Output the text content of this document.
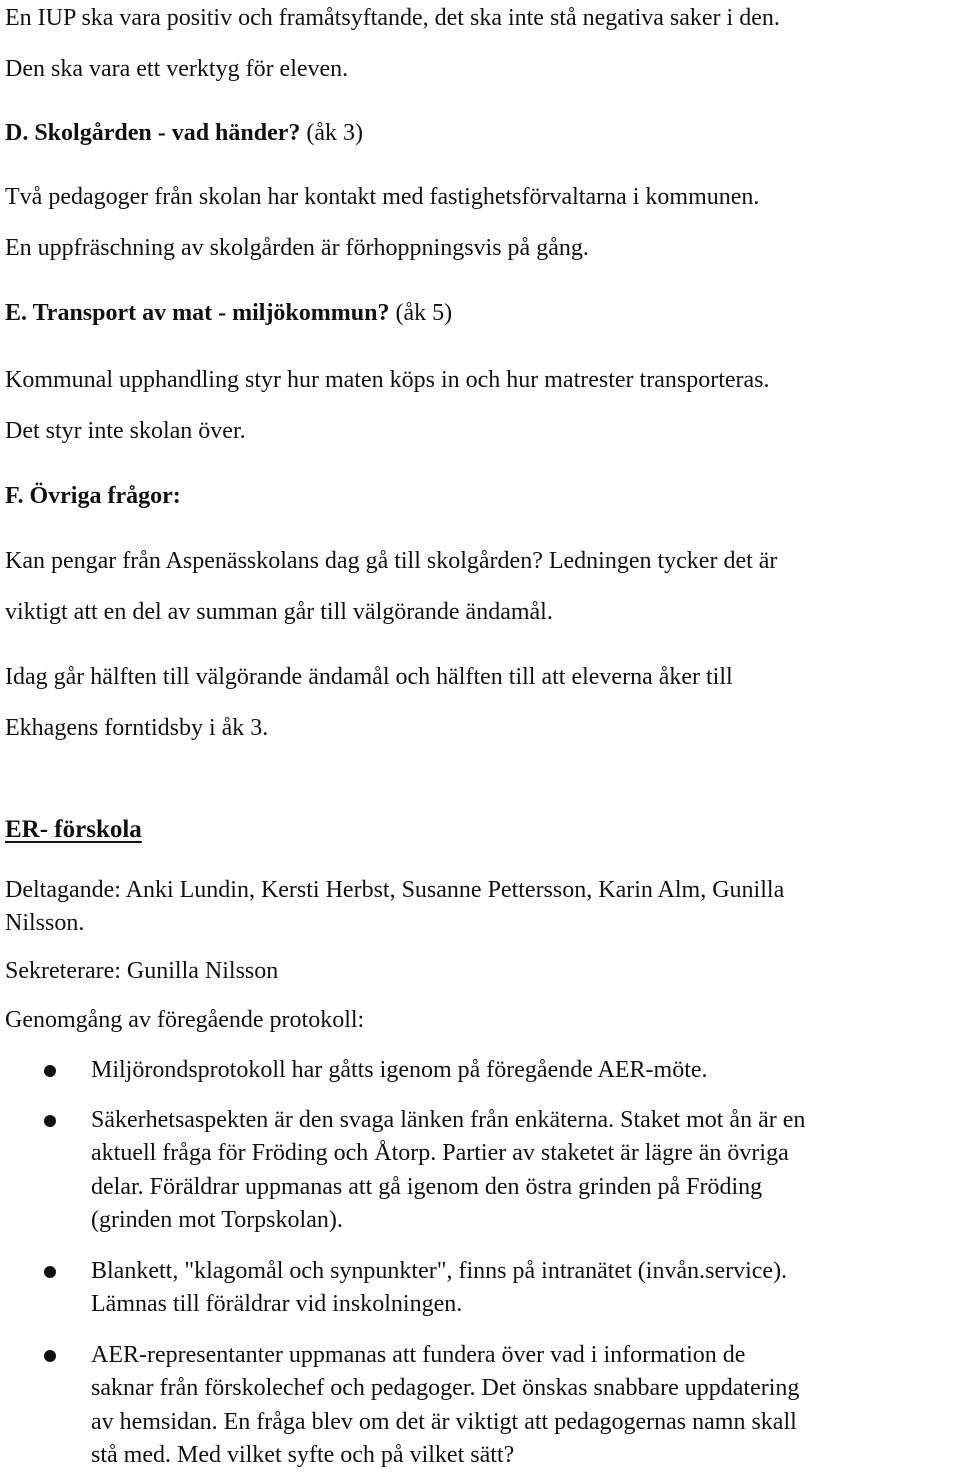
En IUP ska vara positiv och framåtsyftande, det ska inte stå negativa saker i den.

Den ska vara ett verktyg för eleven.

D. Skolgården - vad händer? (åk 3)

Två pedagoger från skolan har kontakt med fastighetsförvaltarna i kommunen.

En uppfräschning av skolgården är förhoppningsvis på gång.

E. Transport av mat - miljökommun? (åk 5)

Kommunal upphandling styr hur maten köps in och hur matrester transporteras.

Det styr inte skolan över.

F. Övriga frågor:

Kan pengar från Aspenässkolans dag gå till skolgården? Ledningen tycker det är

viktigt att en del av summan går till välgörande ändamål.

Idag går hälften till välgörande ändamål och hälften till att eleverna åker till

Ekhagens forntidsby i åk 3.

ER- förskola

Deltagande: Anki Lundin, Kersti Herbst, Susanne Pettersson, Karin Alm, Gunilla

Nilsson.

Sekreterare: Gunilla Nilsson

Genomgång av föregående protokoll:

Miljörondsprotokoll har gåtts igenom på föregående AER-möte.

Säkerhetsaspekten är den svaga länken från enkäterna. Staket mot ån är en

aktuell fråga för Fröding och Åtorp. Partier av staketet är lägre än övriga

delar. Föräldrar uppmanas att gå igenom den östra grinden på Fröding

(grinden mot Torpskolan).

Blankett, "klagomål och synpunkter", finns på intranätet (invån.service).

Lämnas till föräldrar vid inskolningen.

AER-representanter uppmanas att fundera över vad i information de

saknar från förskolechef och pedagoger. Det önskas snabbare uppdatering

av hemsidan. En fråga blev om det är viktigt att pedagogernas namn skall

stå med. Med vilket syfte och på vilket sätt?
